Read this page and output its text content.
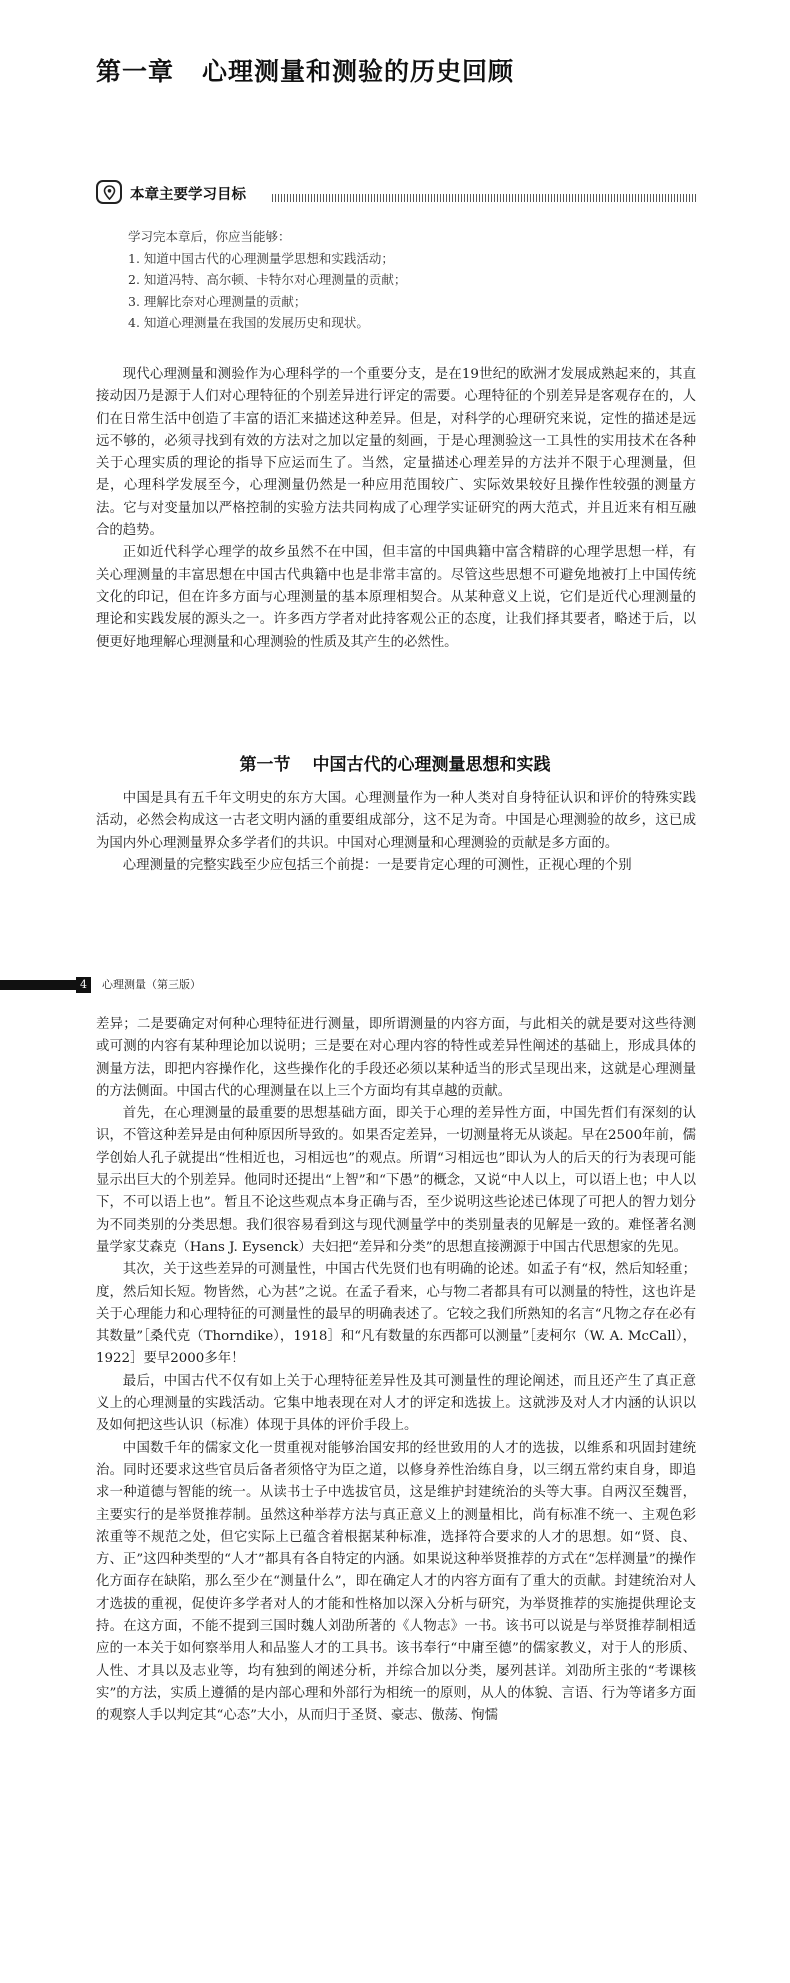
第一章 心理测量和测验的历史回顾
本章主要学习目标
学习完本章后，你应当能够：
1. 知道中国古代的心理测量学思想和实践活动；
2. 知道冯特、高尔顿、卡特尔对心理测量的贡献；
3. 理解比奈对心理测量的贡献；
4. 知道心理测量在我国的发展历史和现状。

现代心理测量和测验作为心理科学的一个重要分支，是在19世纪的欧洲才发展成熟起来的，其直接动因乃是源于人们对心理特征的个别差异进行评定的需要。心理特征的个别差异是客观存在的，人们在日常生活中创造了丰富的语汇来描述这种差异。但是，对科学的心理研究来说，定性的描述是远远不够的，必须寻找到有效的方法对之加以定量的刻画，于是心理测验这一工具性的实用技术在各种关于心理实质的理论的指导下应运而生了。当然，定量描述心理差异的方法并不限于心理测量，但是，心理科学发展至今，心理测量仍然是一种应用范围较广、实际效果较好且操作性较强的测量方法。它与对变量加以严格控制的实验方法共同构成了心理学实证研究的两大范式，并且近来有相互融合的趋势。

正如近代科学心理学的故乡虽然不在中国，但丰富的中国典籍中富含精辟的心理学思想一样，有关心理测量的丰富思想在中国古代典籍中也是非常丰富的。尽管这些思想不可避免地被打上中国传统文化的印记，但在许多方面与心理测量的基本原理相契合。从某种意义上说，它们是近代心理测量的理论和实践发展的源头之一。许多西方学者对此持客观公正的态度，让我们择其要者，略述于后，以便更好地理解心理测量和心理测验的性质及其产生的必然性。

第一节 中国古代的心理测量思想和实践

中国是具有五千年文明史的东方大国。心理测量作为一种人类对自身特征认识和评价的特殊实践活动，必然会构成这一古老文明内涵的重要组成部分，这不足为奇。中国是心理测验的故乡，这已成为国内外心理测量界众多学者们的共识。中国对心理测量和心理测验的贡献是多方面的。

心理测量的完整实践至少应包括三个前提：一是要肯定心理的可测性，正视心理的个别

4	心理测量（第三版）

差异；二是要确定对何种心理特征进行测量，即所谓测量的内容方面，与此相关的就是要对这些待测或可测的内容有某种理论加以说明；三是要在对心理内容的特性或差异性阐述的基础上，形成具体的测量方法，即把内容操作化，这些操作化的手段还必须以某种适当的形式呈现出来，这就是心理测量的方法侧面。中国古代的心理测量在以上三个方面均有其卓越的贡献。

首先，在心理测量的最重要的思想基础方面，即关于心理的差异性方面，中国先哲们有深刻的认识，不管这种差异是由何种原因所导致的。如果否定差异，一切测量将无从谈起。早在2500年前，儒学创始人孔子就提出“性相近也，习相远也”的观点。所谓“习相远也”即认为人的后天的行为表现可能显示出巨大的个别差异。他同时还提出“上智”和“下愚”的概念，又说“中人以上，可以语上也；中人以下，不可以语上也”。暂且不论这些观点本身正确与否，至少说明这些论述已体现了可把人的智力划分为不同类别的分类思想。我们很容易看到这与现代测量学中的类别量表的见解是一致的。难怪著名测量学家艾森克（Hans J. Eysenck）夫妇把“差异和分类”的思想直接溯源于中国古代思想家的先见。

其次，关于这些差异的可测量性，中国古代先贤们也有明确的论述。如孟子有“权，然后知轻重；度，然后知长短。物皆然，心为甚”之说。在孟子看来，心与物二者都具有可以测量的特性，这也许是关于心理能力和心理特征的可测量性的最早的明确表述了。它较之我们所熟知的名言“凡物之存在必有其数量”［桑代克（Thorndike），1918］和“凡有数量的东西都可以测量”［麦柯尔（W. A. McCall），1922］要早2000多年！

最后，中国古代不仅有如上关于心理特征差异性及其可测量性的理论阐述，而且还产生了真正意义上的心理测量的实践活动。它集中地表现在对人才的评定和选拔上。这就涉及对人才内涵的认识以及如何把这些认识（标准）体现于具体的评价手段上。

中国数千年的儒家文化一贯重视对能够治国安邦的经世致用的人才的选拔，以维系和巩固封建统治。同时还要求这些官员后备者须恪守为臣之道，以修身养性治练自身，以三纲五常约束自身，即追求一种道德与智能的统一。从读书士子中选拔官员，这是维护封建统治的头等大事。自两汉至魏晋，主要实行的是举贤推荐制。虽然这种举荐方法与真正意义上的测量相比，尚有标准不统一、主观色彩浓重等不规范之处，但它实际上已蕴含着根据某种标准，选择符合要求的人才的思想。如“贤、良、方、正”这四种类型的“人才”都具有各自特定的内涵。如果说这种举贤推荐的方式在“怎样测量”的操作化方面存在缺陷，那么至少在“测量什么”，即在确定人才的内容方面有了重大的贡献。封建统治对人才选拔的重视，促使许多学者对人的才能和性格加以深入分析与研究，为举贤推荐的实施提供理论支持。在这方面，不能不提到三国时魏人刘劭所著的《人物志》一书。该书可以说是与举贤推荐制相适应的一本关于如何察举用人和品鉴人才的工具书。该书奉行“中庸至德”的儒家教义，对于人的形质、人性、才具以及志业等，均有独到的阐述分析，并综合加以分类，屡列甚详。刘劭所主张的“考课核实”的方法，实质上遵循的是内部心理和外部行为相统一的原则，从人的体貌、言语、行为等诸多方面的观察人手以判定其“心态”大小，从而归于圣贤、豪志、傲荡、恂懦
